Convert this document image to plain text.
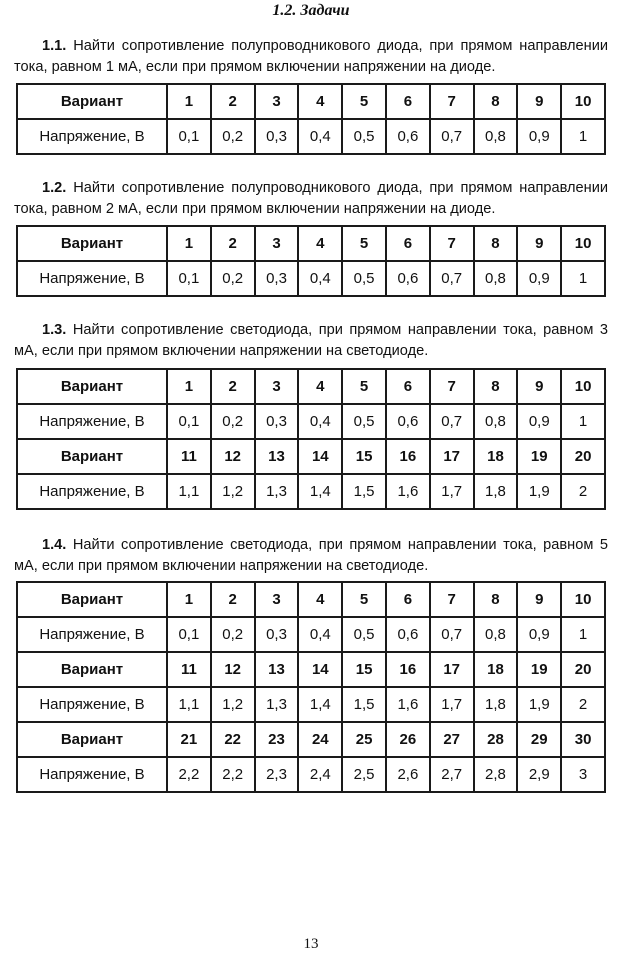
1.2. Задачи
1.1. Найти сопротивление полупроводникового диода, при прямом направлении тока, равном 1 мА, если при прямом включении напряжении на диоде.
Вариант	1	2	3	4	5	6	7	8	9	10
Напряжение, В	0,1	0,2	0,3	0,4	0,5	0,6	0,7	0,8	0,9	1
1.2. Найти сопротивление полупроводникового диода, при прямом направлении тока, равном 2 мА, если при прямом включении напряжении на диоде.
Вариант	1	2	3	4	5	6	7	8	9	10
Напряжение, В	0,1	0,2	0,3	0,4	0,5	0,6	0,7	0,8	0,9	1
1.3. Найти сопротивление светодиода, при прямом направлении тока, равном 3 мА, если при прямом включении напряжении на светодиоде.
Вариант	1	2	3	4	5	6	7	8	9	10
Напряжение, В	0,1	0,2	0,3	0,4	0,5	0,6	0,7	0,8	0,9	1
Вариант	11	12	13	14	15	16	17	18	19	20
Напряжение, В	1,1	1,2	1,3	1,4	1,5	1,6	1,7	1,8	1,9	2
1.4. Найти сопротивление светодиода, при прямом направлении тока, равном 5 мА, если при прямом включении напряжении на светодиоде.
Вариант	1	2	3	4	5	6	7	8	9	10
Напряжение, В	0,1	0,2	0,3	0,4	0,5	0,6	0,7	0,8	0,9	1
Вариант	11	12	13	14	15	16	17	18	19	20
Напряжение, В	1,1	1,2	1,3	1,4	1,5	1,6	1,7	1,8	1,9	2
Вариант	21	22	23	24	25	26	27	28	29	30
Напряжение, В	2,2	2,2	2,3	2,4	2,5	2,6	2,7	2,8	2,9	3
13
